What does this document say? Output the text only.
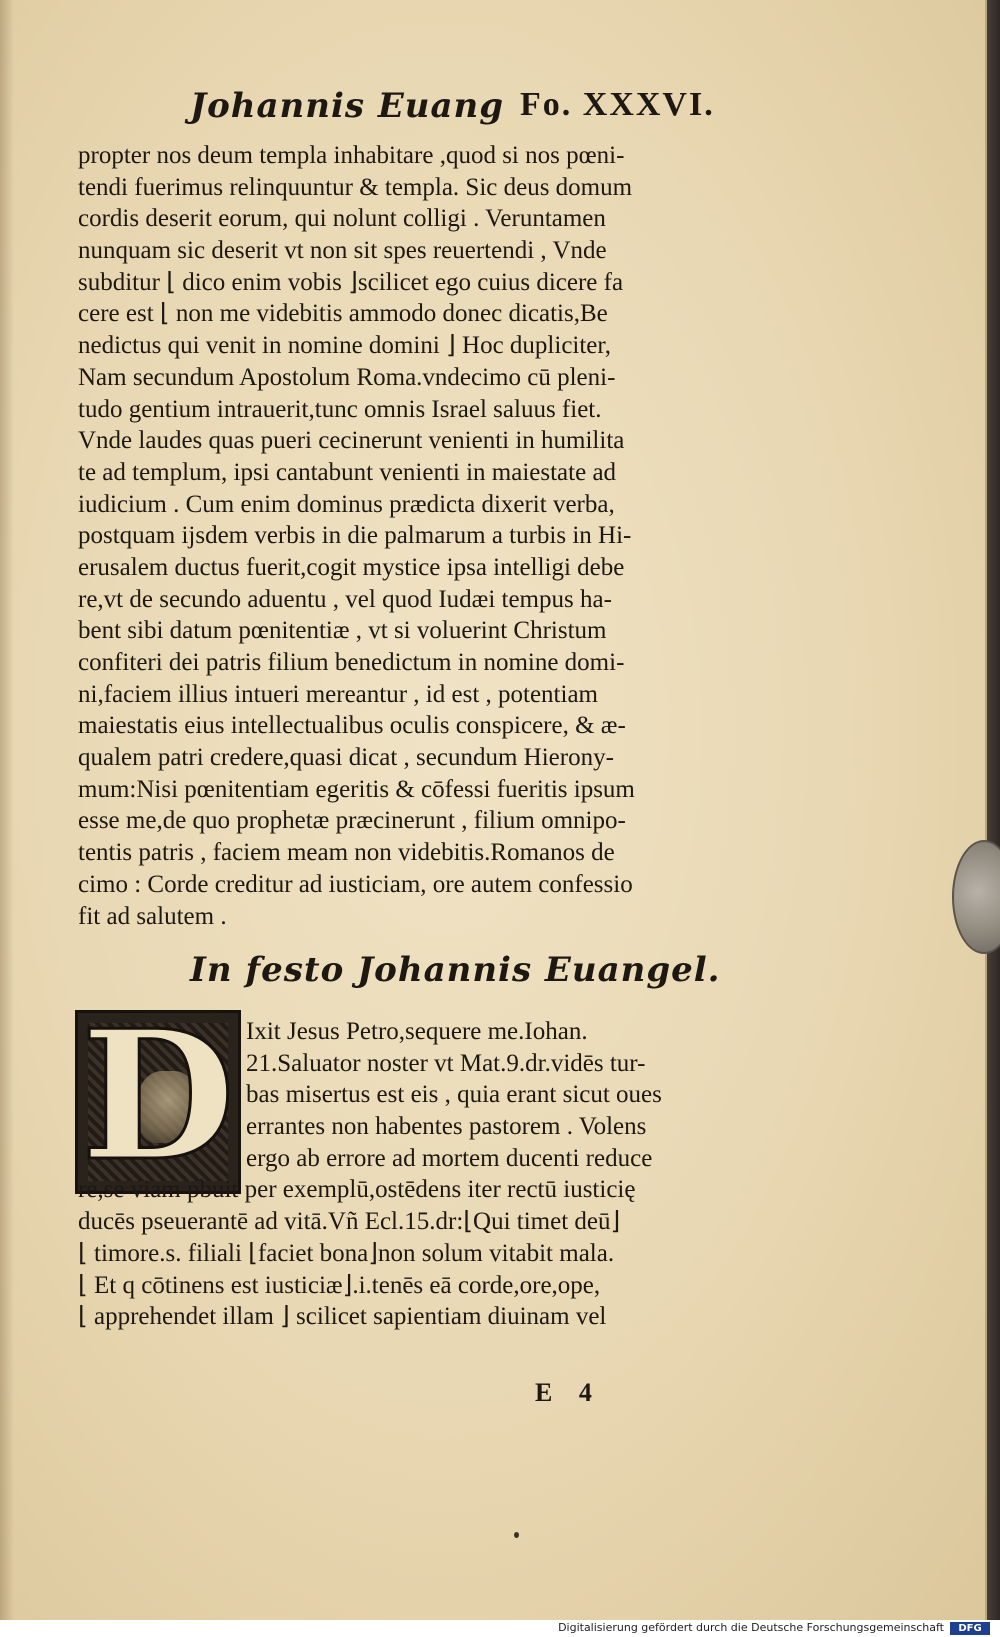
Johannis Euang Fo. XXXVI.
propter nos deum templa inhabitare ,quod si nos pœni-
tendi fuerimus relinquuntur & templa. Sic deus domum
cordis deserit eorum, qui nolunt colligi . Veruntamen
nunquam sic deserit vt non sit spes reuertendi , Vnde
subditur ⌊ dico enim vobis ⌋scilicet ego cuius dicere fa
cere est ⌊ non me videbitis ammodo donec dicatis,Be
nedictus qui venit in nomine domini ⌋ Hoc dupliciter,
Nam secundum Apostolum Roma.vndecimo cū pleni-
tudo gentium intrauerit,tunc omnis Israel saluus fiet.
Vnde laudes quas pueri cecinerunt venienti in humilita
te ad templum, ipsi cantabunt venienti in maiestate ad
iudicium . Cum enim dominus prædicta dixerit verba,
postquam ijsdem verbis in die palmarum a turbis in Hi-
erusalem ductus fuerit,cogit mystice ipsa intelligi debe
re,vt de secundo aduentu , vel quod Iudæi tempus ha-
bent sibi datum pœnitentiæ , vt si voluerint Christum
confiteri dei patris filium benedictum in nomine domi-
ni,faciem illius intueri mereantur , id est , potentiam
maiestatis eius intellectualibus oculis conspicere, & æ-
qualem patri credere,quasi dicat , secundum Hierony-
mum:Nisi pœnitentiam egeritis & cōfessi fueritis ipsum
esse me,de quo prophetæ præcinerunt , filium omnipo-
tentis patris , faciem meam non videbitis.Romanos de
cimo : Corde creditur ad iusticiam, ore autem confessio
fit ad salutem .
In festo Johannis Euangel.
D Ixit Jesus Petro,sequere me.Iohan.
21.Saluator noster vt Mat.9.dr.vidēs tur-
bas misertus est eis , quia erant sicut oues
errantes non habentes pastorem . Volens
ergo ab errore ad mortem ducenti reduce
re,se viam pbuit per exemplū,ostēdens iter rectū iusticię
ducēs pseuerantē ad vitā.Vñ Ecl.15.dr:⌊Qui timet deū⌋
⌊ timore.s. filiali ⌊faciet bona⌋non solum vitabit mala.
⌊ Et q cōtinens est iusticiæ⌋.i.tenēs eā corde,ore,ope,
⌊ apprehendet illam ⌋ scilicet sapientiam diuinam vel
E 4
Digitalisierung gefördert durch die Deutsche Forschungsgemeinschaft	DFG
